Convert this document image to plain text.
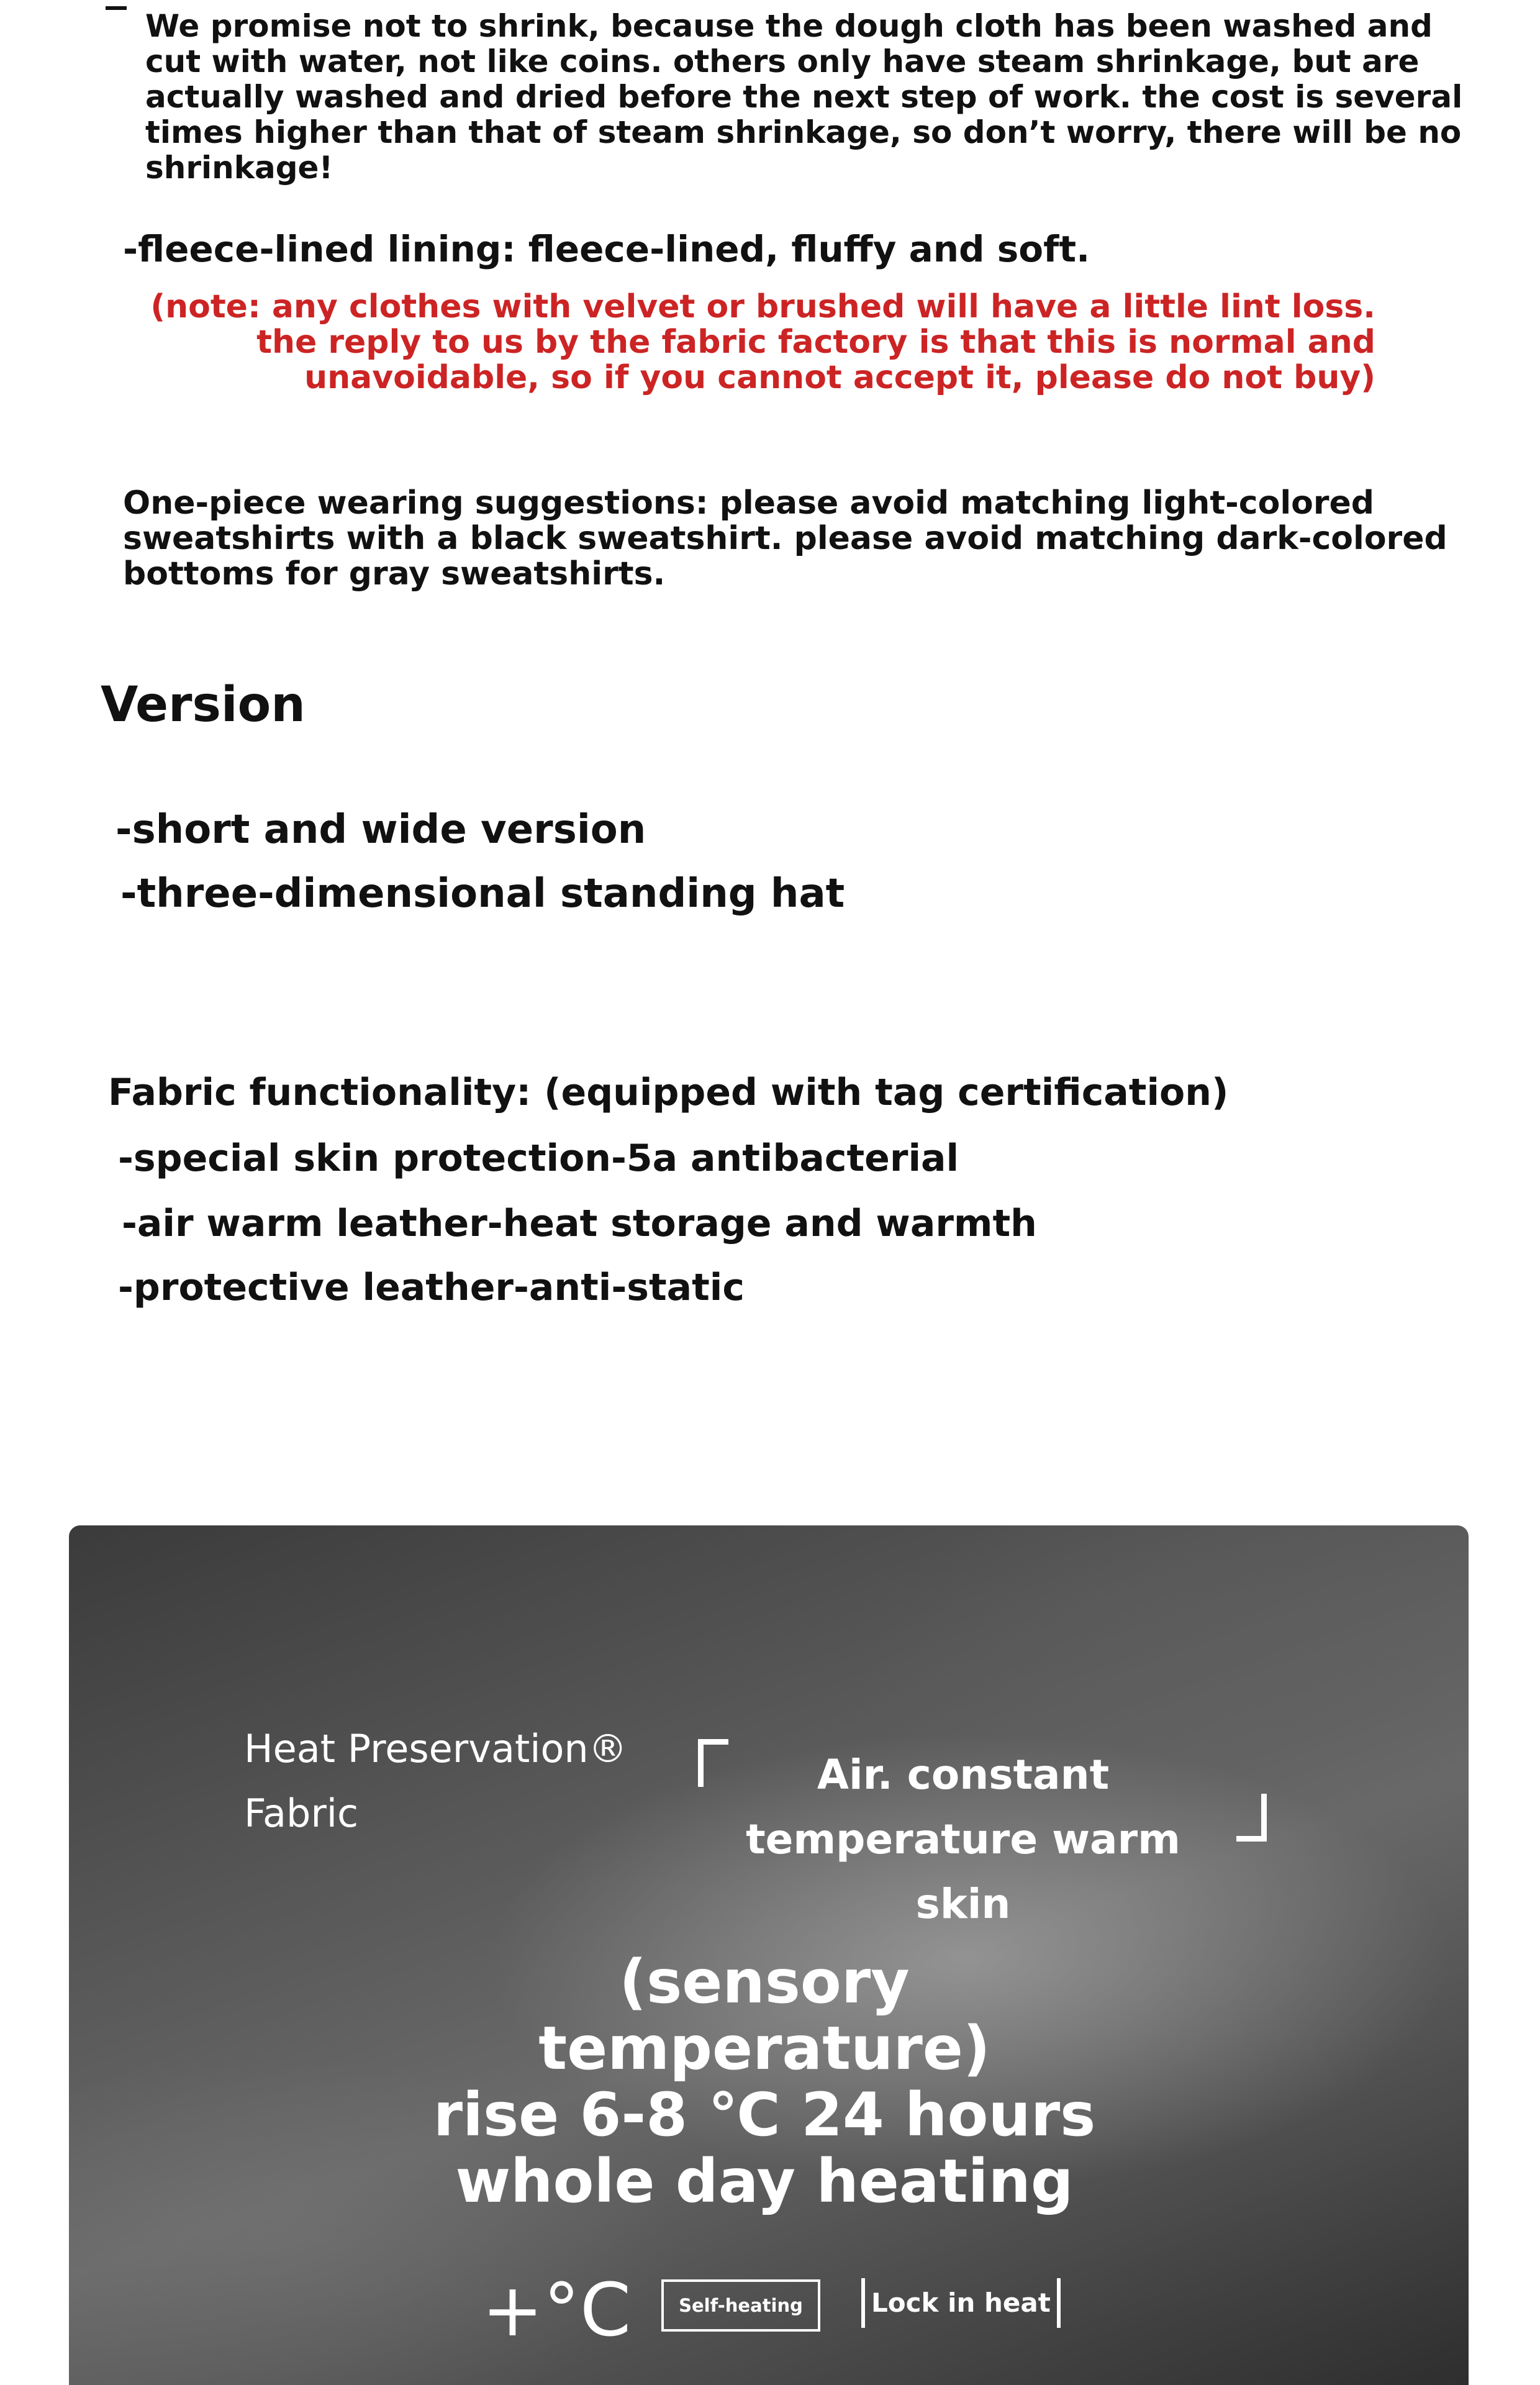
We promise not to shrink, because the dough cloth has been washed and cut with water, not like coins. others only have steam shrinkage, but are actually washed and dried before the next step of work. the cost is several times higher than that of steam shrinkage, so don’t worry, there will be no shrinkage!

-fleece-lined lining: fleece-lined, fluffy and soft.

(note: any clothes with velvet or brushed will have a little lint loss. the reply to us by the fabric factory is that this is normal and unavoidable, so if you cannot accept it, please do not buy)

One-piece wearing suggestions: please avoid matching light-colored sweatshirts with a black sweatshirt. please avoid matching dark-colored bottoms for gray sweatshirts.

Version
-short and wide version
-three-dimensional standing hat
Fabric functionality: (equipped with tag certification)
-special skin protection-5a antibacterial
-air warm leather-heat storage and warmth
-protective leather-anti-static
Heat Preservation®
Fabric
Air. constant
temperature warm skin
(sensory temperature)
rise 6-8 ℃ 24 hours
whole day heating
+°C	Self-heating	Lock in heat
